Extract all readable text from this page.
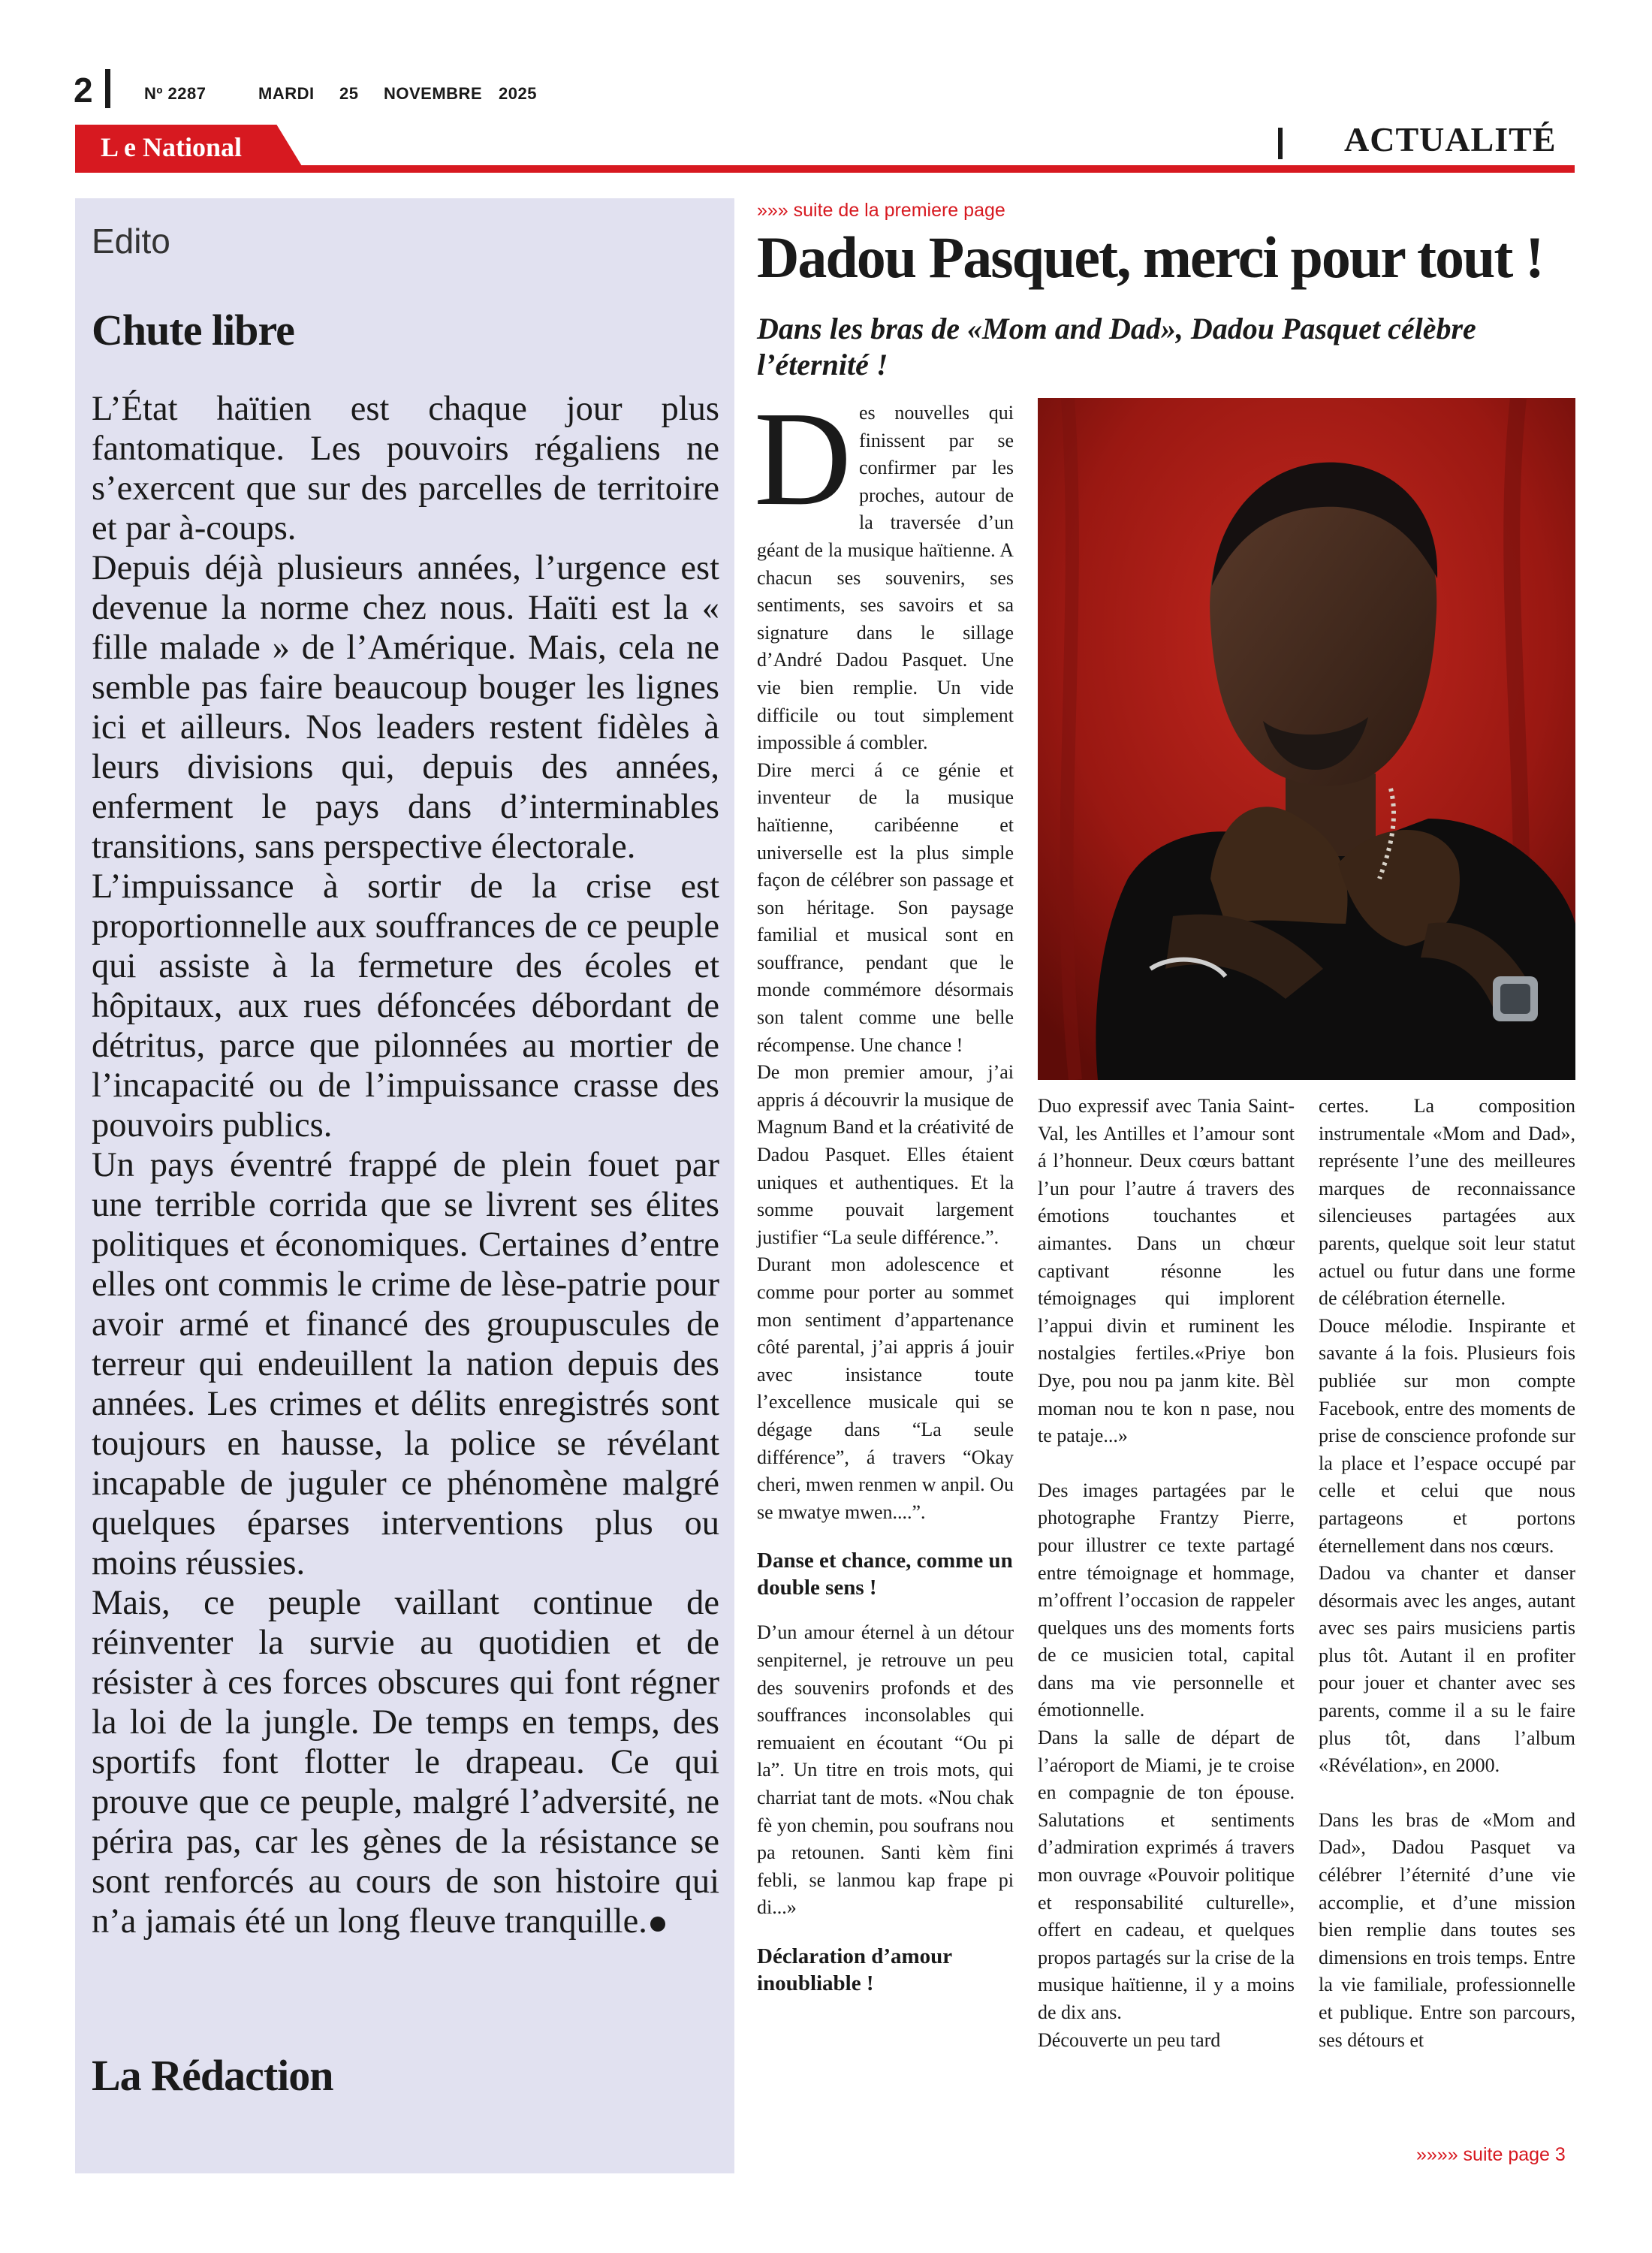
2	Nº 2287	MARDI 25 NOVEMBRE 2025
L e National	ACTUALITÉ
Edito
Chute libre

L’État haïtien est chaque jour plus fantomatique. Les pouvoirs régaliens ne s’exercent que sur des parcelles de territoire et par à-coups.

Depuis déjà plusieurs années, l’urgence est devenue la norme chez nous. Haïti est la « fille malade » de l’Amérique. Mais, cela ne semble pas faire beaucoup bouger les lignes ici et ailleurs. Nos leaders restent fidèles à leurs divisions qui, depuis des années, enferment le pays dans d’interminables transitions, sans perspective électorale.

L’impuissance à sortir de la crise est proportionnelle aux souffrances de ce peuple qui assiste à la fermeture des écoles et hôpitaux, aux rues défoncées débordant de détritus, parce que pilonnées au mortier de l’incapacité ou de l’impuissance crasse des pouvoirs publics.

Un pays éventré frappé de plein fouet par une terrible corrida que se livrent ses élites politiques et économiques. Certaines d’entre elles ont commis le crime de lèse-patrie pour avoir armé et financé des groupuscules de terreur qui endeuillent la nation depuis des années. Les crimes et délits enregistrés sont toujours en hausse, la police se révélant incapable de juguler ce phénomène malgré quelques éparses interventions plus ou moins réussies.

Mais, ce peuple vaillant continue de réinventer la survie au quotidien et de résister à ces forces obscures qui font régner la loi de la jungle. De temps en temps, des sportifs font flotter le drapeau. Ce qui prouve que ce peuple, malgré l’adversité, ne périra pas, car les gènes de la résistance se sont renforcés au cours de son histoire qui n’a jamais été un long fleuve tranquille.

La Rédaction
»»» suite de la premiere page
Dadou Pasquet, merci pour tout !
Dans les bras de «Mom and Dad», Dadou Pasquet célèbre l’éternité !

Des nouvelles qui finissent par se confirmer par les proches, autour de la traversée d’un géant de la musique haïtienne. A chacun ses souvenirs, ses sentiments, ses savoirs et sa signature dans le sillage d’André Dadou Pasquet. Une vie bien remplie. Un vide difficile ou tout simplement impossible á combler.

Dire merci á ce génie et inventeur de la musique haïtienne, caribéenne et universelle est la plus simple façon de célébrer son passage et son héritage. Son paysage familial et musical sont en souffrance, pendant que le monde commémore désormais son talent comme une belle récompense. Une chance !

De mon premier amour, j’ai appris á découvrir la musique de Magnum Band et la créativité de Dadou Pasquet. Elles étaient uniques et authentiques. Et la somme pouvait largement justifier “La seule différence.”.

Durant mon adolescence et comme pour porter au sommet mon sentiment d’appartenance côté parental, j’ai appris á jouir avec insistance toute l’excellence musicale qui se dégage dans “La seule différence”, á travers “Okay cheri, mwen renmen w anpil. Ou se mwatye mwen....”.

Danse et chance, comme un double sens !

D’un amour éternel à un détour senpiternel, je retrouve un peu des souvenirs profonds et des souffrances inconsolables qui remuaient en écoutant “Ou pi la”. Un titre en trois mots, qui charriat tant de mots. «Nou chak fè yon chemin, pou soufrans nou pa retounen. Santi kèm fini febli, se lanmou kap frape pi di...»

Déclaration d’amour inoubliable !

Duo expressif avec Tania Saint-Val, les Antilles et l’amour sont á l’honneur. Deux cœurs battant l’un pour l’autre á travers des émotions touchantes et aimantes. Dans un chœur captivant résonne les témoignages qui implorent l’appui divin et ruminent les nostalgies fertiles.«Priye bon Dye, pou nou pa janm kite. Bèl moman nou te kon n pase, nou te pataje...»

Des images partagées par le photographe Frantzy Pierre, pour illustrer ce texte partagé entre témoignage et hommage, m’offrent l’occasion de rappeler quelques uns des moments forts de ce musicien total, capital dans ma vie personnelle et émotionnelle.

Dans la salle de départ de l’aéroport de Miami, je te croise en compagnie de ton épouse. Salutations et sentiments d’admiration exprimés á travers mon ouvrage «Pouvoir politique et responsabilité culturelle», offert en cadeau, et quelques propos partagés sur la crise de la musique haïtienne, il y a moins de dix ans.

Découverte un peu tard

certes. La composition instrumentale «Mom and Dad», représente l’une des meilleures marques de reconnaissance silencieuses partagées aux parents, quelque soit leur statut actuel ou futur dans une forme de célébration éternelle.

Douce mélodie. Inspirante et savante á la fois. Plusieurs fois publiée sur mon compte Facebook, entre des moments de prise de conscience profonde sur la place et l’espace occupé par celle et celui que nous partageons et portons éternellement dans nos cœurs.

Dadou va chanter et danser désormais avec les anges, autant avec ses pairs musiciens partis plus tôt. Autant il en profiter pour jouer et chanter avec ses parents, comme il a su le faire plus tôt, dans l’album «Révélation», en 2000.

Dans les bras de «Mom and Dad», Dadou Pasquet va célébrer l’éternité d’une vie accomplie, et d’une mission bien remplie dans toutes ses dimensions en trois temps. Entre la vie familiale, professionnelle et publique. Entre son parcours, ses détours et

»»»» suite page 3
